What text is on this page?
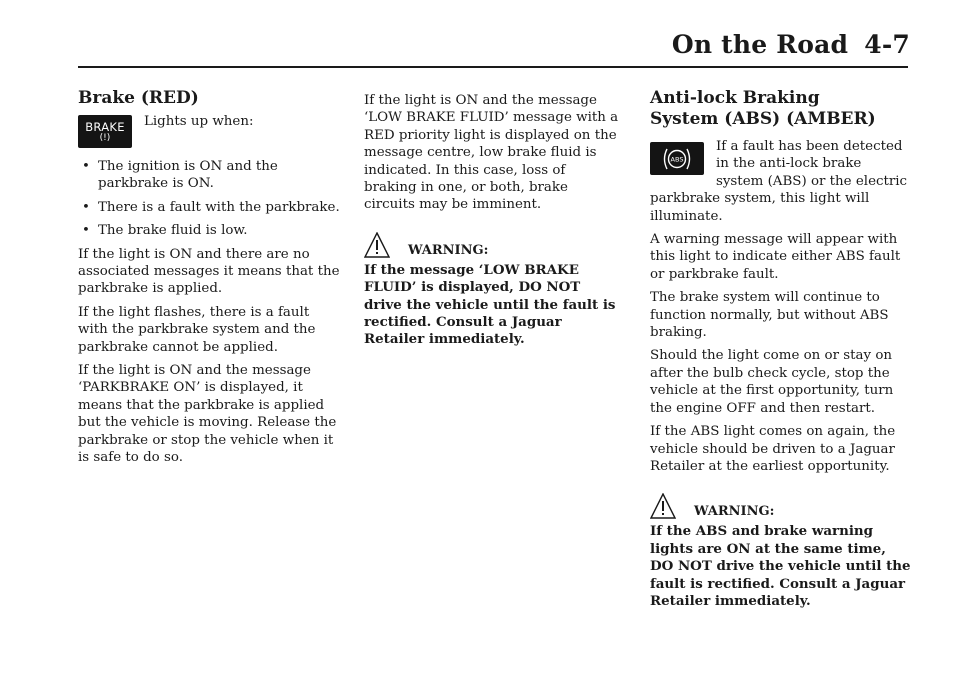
On the Road 4-7
Brake (RED)
BRAKE
(!)
Lights up when:
• The ignition is ON and the parkbrake is ON.
• There is a fault with the parkbrake.
• The brake fluid is low.
If the light is ON and there are no associated messages it means that the parkbrake is applied.
If the light flashes, there is a fault with the parkbrake system and the parkbrake cannot be applied.
If the light is ON and the message ‘PARKBRAKE ON’ is displayed, it means that the parkbrake is applied but the vehicle is moving. Release the parkbrake or stop the vehicle when it is safe to do so.
If the light is ON and the message ‘LOW BRAKE FLUID’ message with a RED priority light is displayed on the message centre, low brake fluid is indicated. In this case, loss of braking in one, or both, brake circuits may be imminent.
WARNING:
If the message ‘LOW BRAKE FLUID’ is displayed, DO NOT drive the vehicle until the fault is rectified. Consult a Jaguar Retailer immediately.
Anti-lock Braking
System (ABS) (AMBER)
ABS
If a fault has been detected in the anti-lock brake system (ABS) or the electric parkbrake system, this light will illuminate.
A warning message will appear with this light to indicate either ABS fault or parkbrake fault.
The brake system will continue to function normally, but without ABS braking.
Should the light come on or stay on after the bulb check cycle, stop the vehicle at the first opportunity, turn the engine OFF and then restart.
If the ABS light comes on again, the vehicle should be driven to a Jaguar Retailer at the earliest opportunity.
WARNING:
If the ABS and brake warning lights are ON at the same time, DO NOT drive the vehicle until the fault is rectified. Consult a Jaguar Retailer immediately.
